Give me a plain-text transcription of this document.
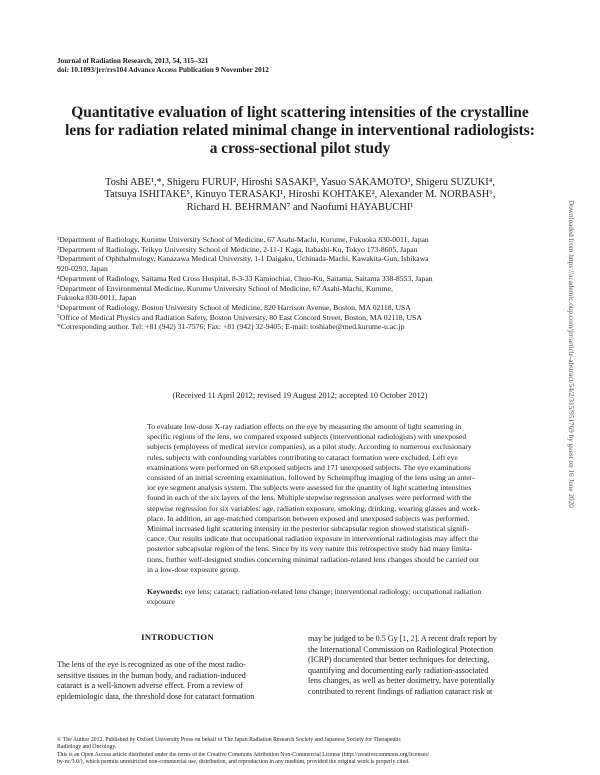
Journal of Radiation Research, 2013, 54, 315–321
doi: 10.1093/jrr/rrs104 Advance Access Publication 9 November 2012
Quantitative evaluation of light scattering intensities of the crystalline
lens for radiation related minimal change in interventional radiologists:
a cross-sectional pilot study
Toshi ABE¹,*, Shigeru FURUI², Hiroshi SASAKI³, Yasuo SAKAMOTO³, Shigeru SUZUKI⁴,
Tatsuya ISHITAKE⁵, Kinuyo TERASAKI¹, Hiroshi KOHTAKE², Alexander M. NORBASH⁶,
Richard H. BEHRMAN⁷ and Naofumi HAYABUCHI¹
¹Department of Radiology, Kurume University School of Medicine, 67 Asahi-Machi, Kurume, Fukuoka 830-0011, Japan
²Department of Radiology, Teikyo University School of Medicine, 2-11-1 Kaga, Itabashi-Ku, Tokyo 173-8605, Japan
³Department of Ophthalmology, Kanazawa Medical University, 1-1 Daigaku, Uchinada-Machi, Kawakita-Gun, Ishikawa
920-0293, Japan
⁴Department of Radiology, Saitama Red Cross Hospital, 8-3-33 Kamiochiai, Chuo-Ku, Saitama, Saitama 338-8553, Japan
⁵Department of Environmental Medicine, Kurume University School of Medicine, 67 Asahi-Machi, Kurume,
Fukuoka 830-0011, Japan
⁶Department of Radiology, Boston University School of Medicine, 820 Harrison Avenue, Boston, MA 02118, USA
⁷Office of Medical Physics and Radiation Safety, Boston University, 80 East Concord Street, Boston, MA 02118, USA
*Corresponding author. Tel: +81 (942) 31-7576; Fax: +81 (942) 32-9405; E-mail: toshiabe@med.kurume-u.ac.jp
(Received 11 April 2012; revised 19 August 2012; accepted 10 October 2012)
To evaluate low-dose X-ray radiation effects on the eye by measuring the amount of light scattering in
specific regions of the lens, we compared exposed subjects (interventional radiologists) with unexposed
subjects (employees of medical service companies), as a pilot study. According to numerous exclusionary
rules, subjects with confounding variables contributing to cataract formation were excluded. Left eye
examinations were performed on 68 exposed subjects and 171 unexposed subjects. The eye examinations
consisted of an initial screening examination, followed by Scheimpflug imaging of the lens using an anter-
ior eye segment analysis system. The subjects were assessed for the quantity of light scattering intensities
found in each of the six layers of the lens. Multiple stepwise regression analyses were performed with the
stepwise regression for six variables: age, radiation exposure, smoking, drinking, wearing glasses and work-
place. In addition, an age-matched comparison between exposed and unexposed subjects was performed.
Minimal increased light scattering intensity in the posterior subcapsular region showed statistical signifi-
cance. Our results indicate that occupational radiation exposure in interventional radiologists may affect the
posterior subcapsular region of the lens. Since by its very nature this retrospective study had many limita-
tions, further well-designed studies concerning minimal radiation-related lens changes should be carried out
in a low-dose exposure group.
Keywords: eye lens; cataract; radiation-related lens change; interventional radiology; occupational radiation
exposure
INTRODUCTION
The lens of the eye is recognized as one of the most radio-
sensitive tissues in the human body, and radiation-induced
cataract is a well-known adverse effect. From a review of
epidemiologic data, the threshold dose for cataract formation
may be judged to be 0.5 Gy [1, 2]. A recent draft report by
the International Commission on Radiological Protection
(ICRP) documented that better techniques for detecting,
quantifying and documenting early radiation-associated
lens changes, as well as better dosimetry, have potentially
contributed to recent findings of radiation cataract risk at
© The Author 2012. Published by Oxford University Press on behalf of The Japan Radiation Research Society and Japanese Society for Therapeutic
Radiology and Oncology.
This is an Open Access article distributed under the terms of the Creative Commons Attribution Non-Commercial License (http://creativecommons.org/licenses/
by-nc/3.0/), which permits unrestricted non-commercial use, distribution, and reproduction in any medium, provided the original work is properly cited.
Downloaded from https://academic.oup.com/jrr/article-abstract/54/2/315/951769 by guest on 16 June 2020
